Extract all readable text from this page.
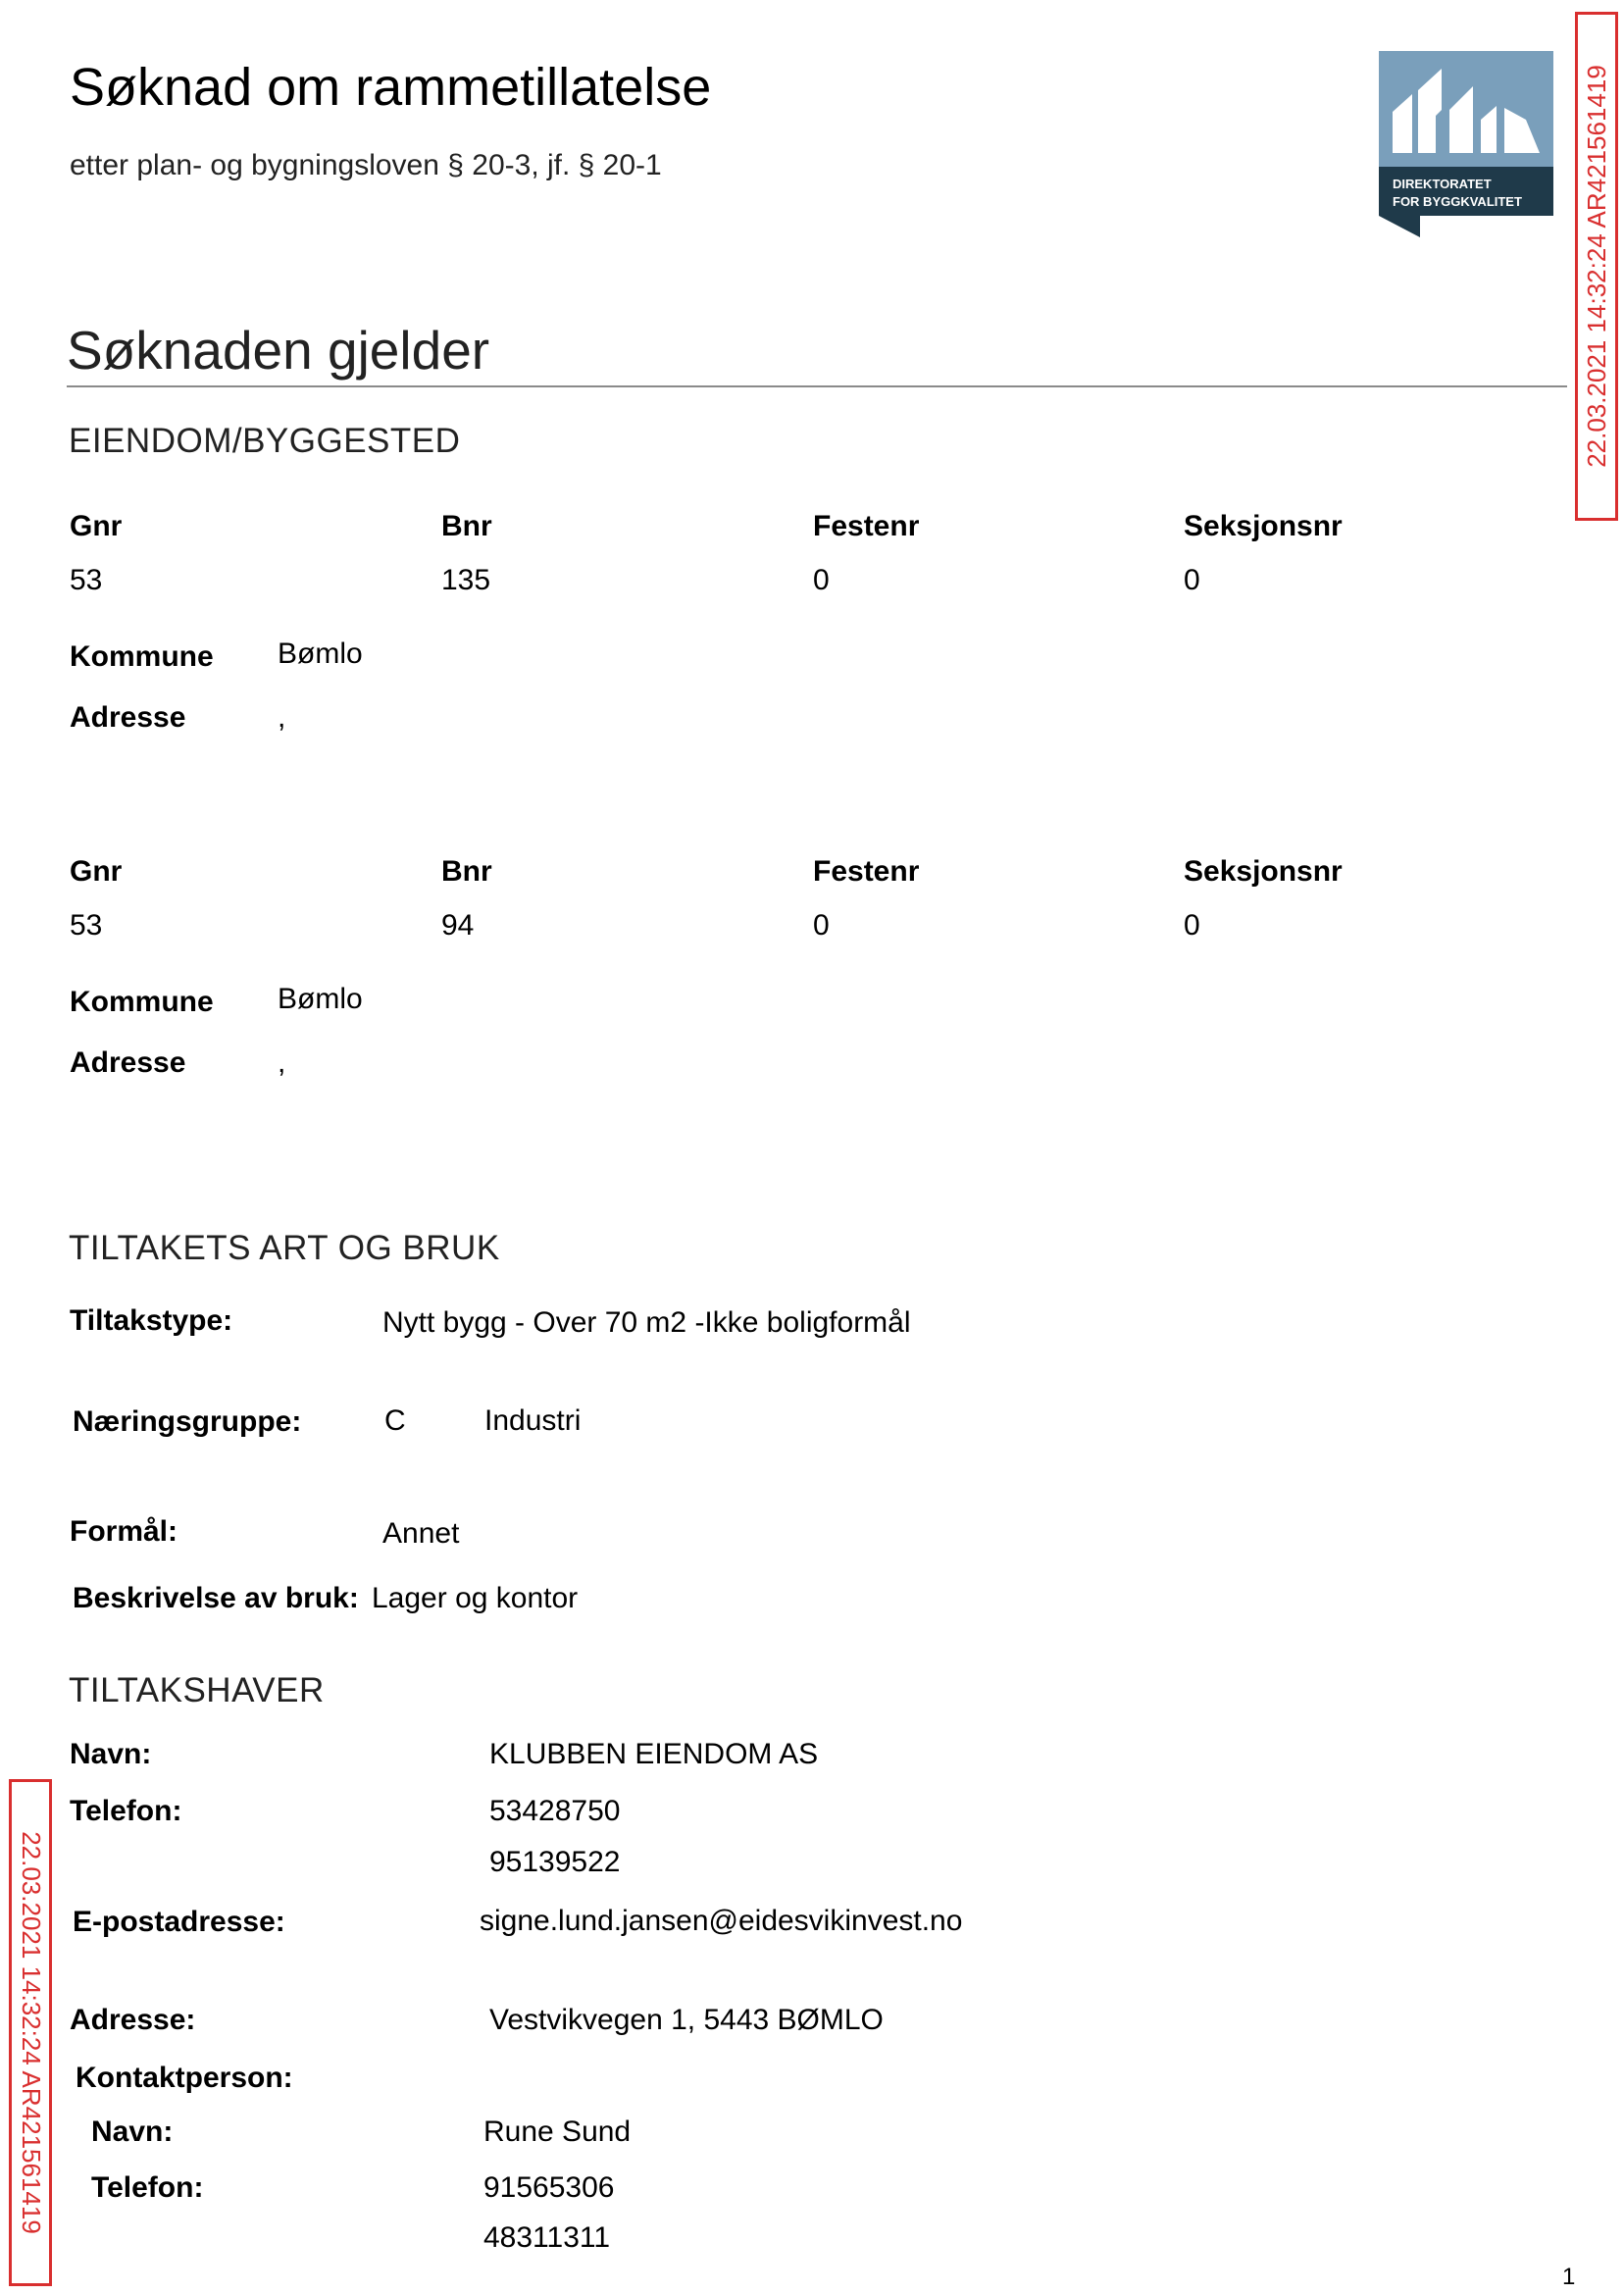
Søknad om rammetillatelse
etter plan- og bygningsloven § 20-3, jf. § 20-1
DIREKTORATET
FOR BYGGKVALITET 22.03.2021 14:32:24 AR421561419
22.03.2021 14:32:24 AR421561419
Søknaden gjelder
EIENDOM/BYGGESTED
Gnr	Bnr	Festenr	Seksjonsnr
53	135	0	0
Kommune Bømlo
Adresse	,
Gnr	Bnr	Festenr	Seksjonsnr
53	94	0	0
Kommune Bømlo
Adresse	,
TILTAKETS ART OG BRUK
Tiltakstype:	Nytt bygg - Over 70 m2 -Ikke boligformål
Næringsgruppe:	C	Industri
Formål:	Annet
Beskrivelse av bruk: Lager og kontor
TILTAKSHAVER
Navn:	KLUBBEN EIENDOM AS
Telefon:	53428750
95139522
E-postadresse:	signe.lund.jansen@eidesvikinvest.no
Adresse:	Vestvikvegen 1, 5443 BØMLO
Kontaktperson:
Navn:	Rune Sund
Telefon:	91565306
48311311
1
